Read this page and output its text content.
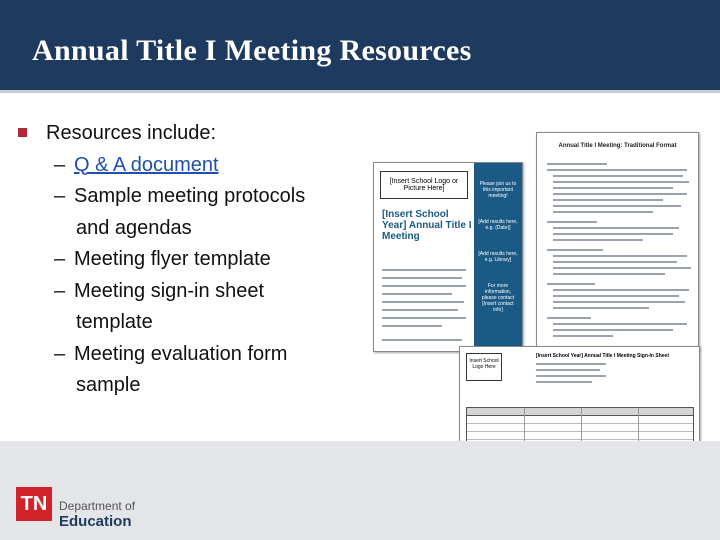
Annual Title I Meeting Resources
Resources include:
– Q & A document
– Sample meeting protocols
and agendas
– Meeting flyer template
– Meeting sign-in sheet
template
– Meeting evaluation form
sample
[Insert School Logo or Picture Here]
[Insert School Year] Annual Title I Meeting
Please join us to this important meeting!
[Add results here, e.g. (Date)]
[Add results here, e.g. Library]
For more information, please contact [Insert contact info]
Annual Title I Meeting: Traditional Format
Insert School Logo Here
[Insert School Year] Annual Title I Meeting Sign-In Sheet
TN Department of
Education
